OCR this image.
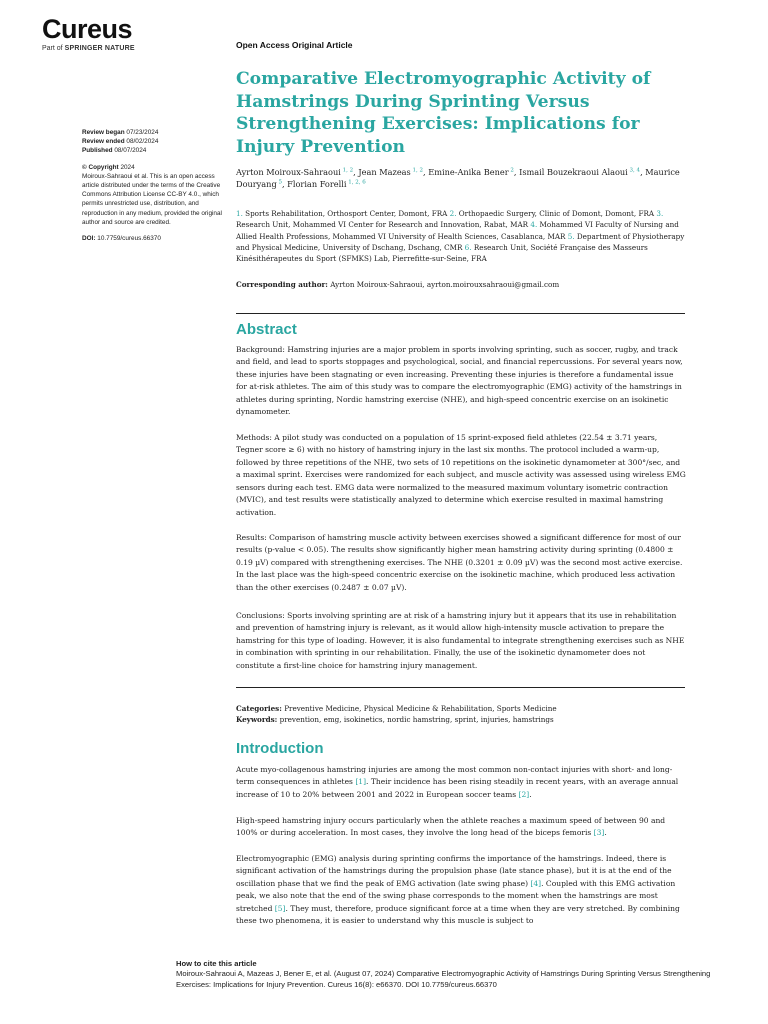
Cureus
Part of SPRINGER NATURE	Open Access Original Article
Comparative Electromyographic Activity of Hamstrings During Sprinting Versus Strengthening Exercises: Implications for Injury Prevention
Review began 07/23/2024
Review ended 08/02/2024
Published 08/07/2024
© Copyright 2024
Moiroux-Sahraoui et al. This is an open access article distributed under the terms of the Creative Commons Attribution License CC-BY 4.0., which permits unrestricted use, distribution, and reproduction in any medium, provided the original author and source are credited.
DOI: 10.7759/cureus.66370
Ayrton Moiroux-Sahraoui $^{1, 2}$, Jean Mazeas $^{1, 2}$, Emine-Anika Bener $^2$, Ismail Bouzekraoui Alaoui $^{3, 4}$, Maurice Douryang $^5$, Florian Forelli $^{1, 2, 6}$
1. Sports Rehabilitation, Orthosport Center, Domont, FRA 2. Orthopaedic Surgery, Clinic of Domont, Domont, FRA 3. Research Unit, Mohammed VI Center for Research and Innovation, Rabat, MAR 4. Mohammed VI Faculty of Nursing and Allied Health Professions, Mohammed VI University of Health Sciences, Casablanca, MAR 5. Department of Physiotherapy and Physical Medicine, University of Dschang, Dschang, CMR 6. Research Unit, Société Française des Masseurs Kinésithérapeutes du Sport (SFMKS) Lab, Pierrefitte-sur-Seine, FRA
Corresponding author: Ayrton Moiroux-Sahraoui, ayrton.moirouxsahraoui@gmail.com
Abstract

Background: Hamstring injuries are a major problem in sports involving sprinting, such as soccer, rugby, and track and field, and lead to sports stoppages and psychological, social, and financial repercussions. For several years now, these injuries have been stagnating or even increasing. Preventing these injuries is therefore a fundamental issue for at-risk athletes. The aim of this study was to compare the electromyographic (EMG) activity of the hamstrings in athletes during sprinting, Nordic hamstring exercise (NHE), and high-speed concentric exercise on an isokinetic dynamometer.

Methods: A pilot study was conducted on a population of 15 sprint-exposed field athletes (22.54 ± 3.71 years, Tegner score ≥ 6) with no history of hamstring injury in the last six months. The protocol included a warm-up, followed by three repetitions of the NHE, two sets of 10 repetitions on the isokinetic dynamometer at 300°/sec, and a maximal sprint. Exercises were randomized for each subject, and muscle activity was assessed using wireless EMG sensors during each test. EMG data were normalized to the measured maximum voluntary isometric contraction (MVIC), and test results were statistically analyzed to determine which exercise resulted in maximal hamstring activation.

Results: Comparison of hamstring muscle activity between exercises showed a significant difference for most of our results (p-value < 0.05). The results show significantly higher mean hamstring activity during sprinting (0.4800 ± 0.19 µV) compared with strengthening exercises. The NHE (0.3201 ± 0.09 µV) was the second most active exercise. In the last place was the high-speed concentric exercise on the isokinetic machine, which produced less activation than the other exercises (0.2487 ± 0.07 µV).

Conclusions: Sports involving sprinting are at risk of a hamstring injury but it appears that its use in rehabilitation and prevention of hamstring injury is relevant, as it would allow high-intensity muscle activation to prepare the hamstring for this type of loading. However, it is also fundamental to integrate strengthening exercises such as NHE in combination with sprinting in our rehabilitation. Finally, the use of the isokinetic dynamometer does not constitute a first-line choice for hamstring injury management.

Categories: Preventive Medicine, Physical Medicine & Rehabilitation, Sports Medicine
Keywords: prevention, emg, isokinetics, nordic hamstring, sprint, injuries, hamstrings
Introduction

Acute myo-collagenous hamstring injuries are among the most common non-contact injuries with short- and long-term consequences in athletes [1]. Their incidence has been rising steadily in recent years, with an average annual increase of 10 to 20% between 2001 and 2022 in European soccer teams [2].

High-speed hamstring injury occurs particularly when the athlete reaches a maximum speed of between 90 and 100% or during acceleration. In most cases, they involve the long head of the biceps femoris [3].

Electromyographic (EMG) analysis during sprinting confirms the importance of the hamstrings. Indeed, there is significant activation of the hamstrings during the propulsion phase (late stance phase), but it is at the end of the oscillation phase that we find the peak of EMG activation (late swing phase) [4]. Coupled with this EMG activation peak, we also note that the end of the swing phase corresponds to the moment when the hamstrings are most stretched [5]. They must, therefore, produce significant force at a time when they are very stretched. By combining these two phenomena, it is easier to understand why this muscle is subject to

How to cite this article
Moiroux-Sahraoui A, Mazeas J, Bener E, et al. (August 07, 2024) Comparative Electromyographic Activity of Hamstrings During Sprinting Versus Strengthening Exercises: Implications for Injury Prevention. Cureus 16(8): e66370. DOI 10.7759/cureus.66370
